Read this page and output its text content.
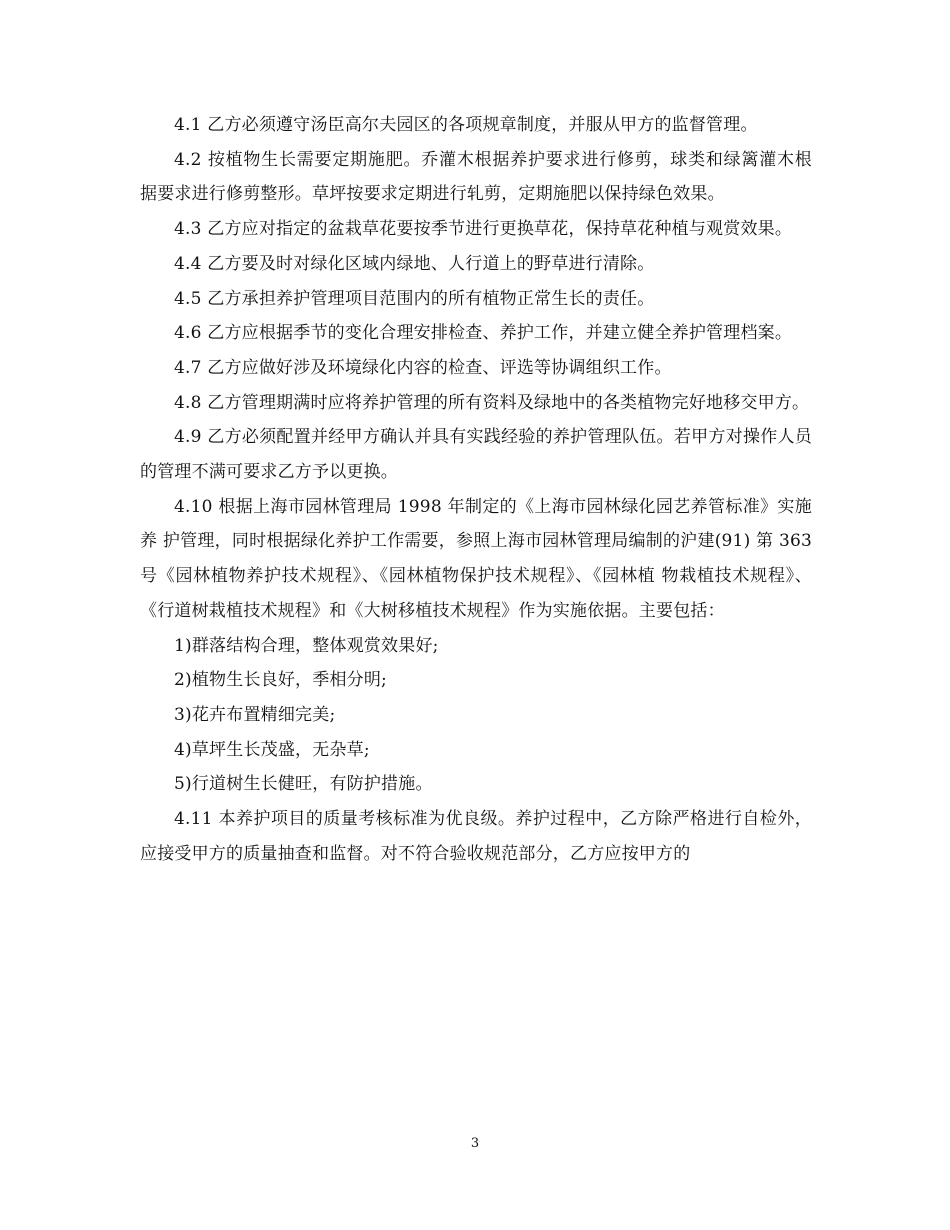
4.1 乙方必须遵守汤臣高尔夫园区的各项规章制度，并服从甲方的监督管理。

4.2 按植物生长需要定期施肥。乔灌木根据养护要求进行修剪，球类和绿篱灌木根 据要求进行修剪整形。草坪按要求定期进行轧剪，定期施肥以保持绿色效果。

4.3 乙方应对指定的盆栽草花要按季节进行更换草花，保持草花种植与观赏效果。

4.4 乙方要及时对绿化区域内绿地、人行道上的野草进行清除。

4.5 乙方承担养护管理项目范围内的所有植物正常生长的责任。

4.6 乙方应根据季节的变化合理安排检查、养护工作，并建立健全养护管理档案。

4.7 乙方应做好涉及环境绿化内容的检查、评选等协调组织工作。

4.8 乙方管理期满时应将养护管理的所有资料及绿地中的各类植物完好地移交甲方。

4.9 乙方必须配置并经甲方确认并具有实践经验的养护管理队伍。若甲方对操作人员的管理不满可要求乙方予以更换。

4.10 根据上海市园林管理局 1998 年制定的《上海市园林绿化园艺养管标准》实施养 护管理，同时根据绿化养护工作需要，参照上海市园林管理局编制的沪建(91) 第 363 号《园林植物养护技术规程》、《园林植物保护技术规程》、《园林植 物栽植技术规程》、《行道树栽植技术规程》和《大树移植技术规程》作为实施依据。主要包括：

1)群落结构合理，整体观赏效果好;

2)植物生长良好，季相分明;

3)花卉布置精细完美;

4)草坪生长茂盛，无杂草;

5)行道树生长健旺，有防护措施。

4.11 本养护项目的质量考核标准为优良级。养护过程中，乙方除严格进行自检外，应接受甲方的质量抽查和监督。对不符合验收规范部分，乙方应按甲方的

3
